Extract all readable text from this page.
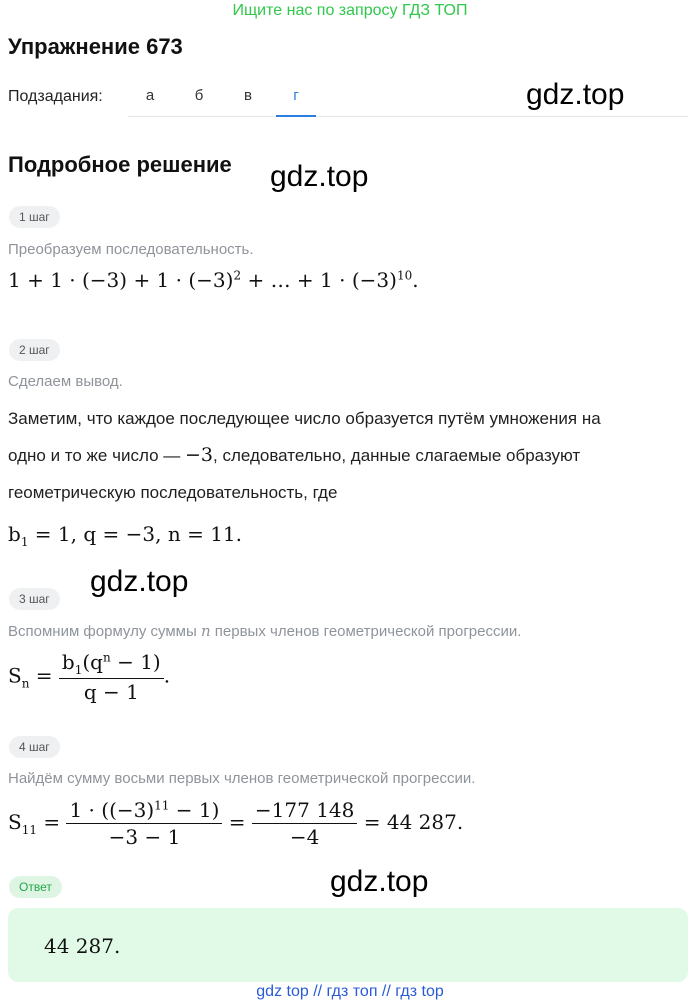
Ищите нас по запросу ГДЗ ТОП
Упражнение 673
Подзадания:	а	б	в	г	gdz.top
gdz.top
gdz.top
gdz.top
Подробное решение
1 шаг
Преобразуем последовательность.
$1 + 1 \cdot (-3) + 1 \cdot (-3)^2$ + … + $1 \cdot (-3)^{10}$.
2 шаг
Сделаем вывод.
Заметим, что каждое последующее число образуется путём умножения на
одно и то же число — −3, следовательно, данные слагаемые образуют
геометрическую последовательность, где
$b_1 = 1$, q = −3, n = 11.
3 шаг
Вспомним формулу суммы n первых членов геометрической прогрессии.
$S_n = \frac{b_1(q^n - 1)}{q - 1}$ .
4 шаг
Найдём сумму восьми первых членов геометрической прогрессии.
$S_{11} = \frac{1 \cdot ((-3)^{11} - 1)}{-3 - 1} = \frac{-177 148}{-4} = 44$ 287.
Ответ
44 287.
gdz top // гдз топ // гдз top
